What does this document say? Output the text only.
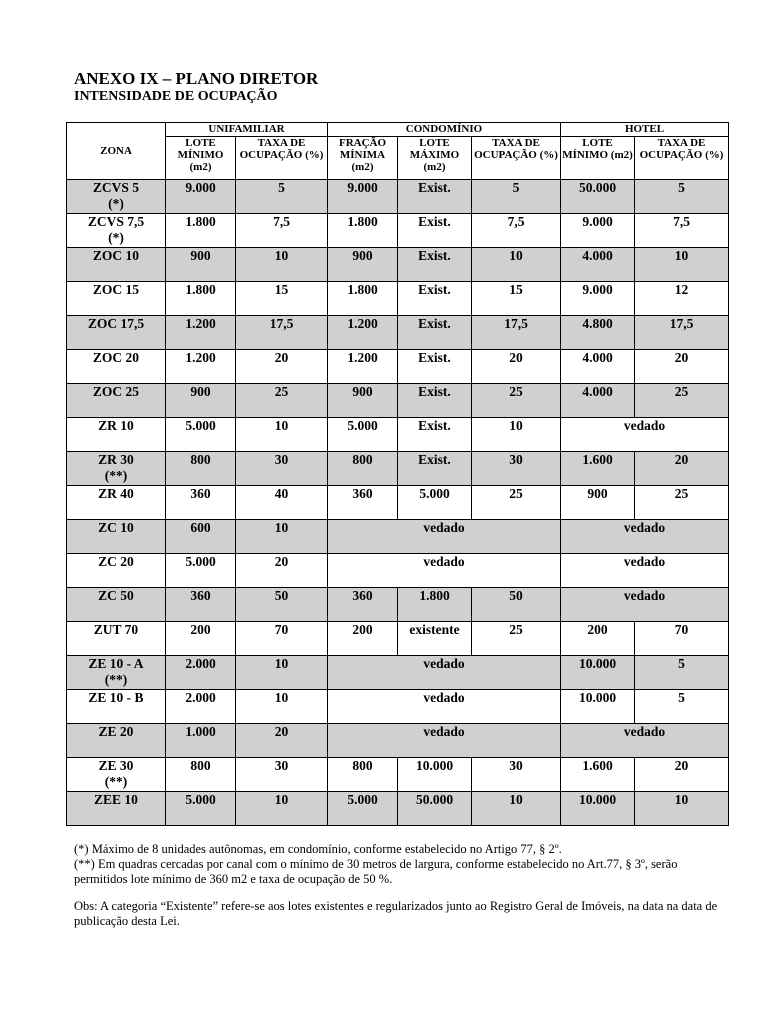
ANEXO IX – PLANO DIRETOR
INTENSIDADE DE OCUPAÇÃO
ZONA	UNIFAMILIAR		CONDOMÍNIO			HOTEL	
	LOTE MÍNIMO (m2)	TAXA DE OCUPAÇÃO (%)	FRAÇÃO MÍNIMA (m2)	LOTE MÁXIMO (m2)	TAXA DE OCUPAÇÃO (%)	LOTE MÍNIMO (m2)	TAXA DE OCUPAÇÃO (%)
ZCVS 5
(*)	9.000	5	9.000	Exist.	5	50.000	5
ZCVS 7,5
(*)	1.800	7,5	1.800	Exist.	7,5	9.000	7,5
ZOC 10	900	10	900	Exist.	10	4.000	10
ZOC 15	1.800	15	1.800	Exist.	15	9.000	12
ZOC 17,5	1.200	17,5	1.200	Exist.	17,5	4.800	17,5
ZOC 20	1.200	20	1.200	Exist.	20	4.000	20
ZOC 25	900	25	900	Exist.	25	4.000	25
ZR 10	5.000	10	5.000	Exist.	10	vedado	
ZR 30
(**)	800	30	800	Exist.	30	1.600	20
ZR 40	360	40	360	5.000	25	900	25
ZC 10	600	10	vedado			vedado	
ZC 20	5.000	20	vedado			vedado	
ZC 50	360	50	360	1.800	50	vedado	
ZUT 70	200	70	200	existente	25	200	70
ZE 10 - A
(**)	2.000	10	vedado			10.000	5
ZE 10 - B	2.000	10	vedado			10.000	5
ZE 20	1.000	20	vedado			vedado	
ZE 30
(**)	800	30	800	10.000	30	1.600	20
ZEE 10	5.000	10	5.000	50.000	10	10.000	10

(*) Máximo de 8 unidades autônomas, em condomínio, conforme estabelecido no Artigo 77, § 2º.

(**) Em quadras cercadas por canal com o mínimo de 30 metros de largura, conforme estabelecido no Art.77, § 3º, serão permitidos lote mínimo de 360 m2 e taxa de ocupação de 50 %.

Obs: A categoria “Existente” refere-se aos lotes existentes e regularizados junto ao Registro Geral de Imóveis, na data na data de publicação desta Lei.
